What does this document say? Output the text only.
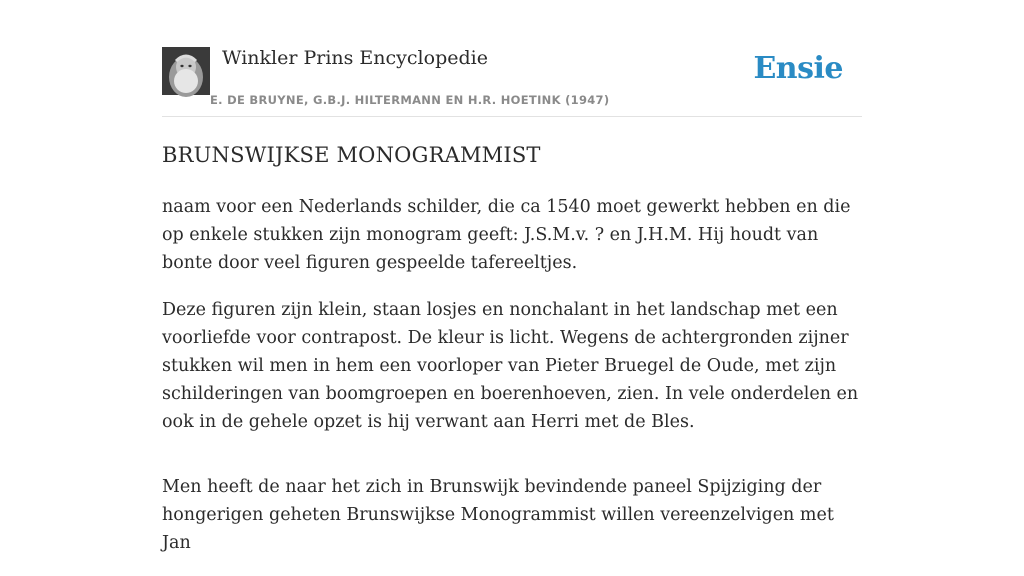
Winkler Prins Encyclopedie
E. DE BRUYNE, G.B.J. HILTERMANN EN H.R. HOETINK (1947)
Ensie
BRUNSWIJKSE MONOGRAMMIST

naam voor een Nederlands schilder, die ca 1540 moet gewerkt hebben en die op enkele stukken zijn monogram geeft: J.S.M.v. ? en J.H.M. Hij houdt van bonte door veel figuren gespeelde tafereeltjes.

Deze figuren zijn klein, staan losjes en nonchalant in het landschap met een voorliefde voor contrapost. De kleur is licht. Wegens de achtergronden zijner stukken wil men in hem een voorloper van Pieter Bruegel de Oude, met zijn schilderingen van boomgroepen en boerenhoeven, zien. In vele onderdelen en ook in de gehele opzet is hij verwant aan Herri met de Bles.

Men heeft de naar het zich in Brunswijk bevindende paneel Spijziging der hongerigen geheten Brunswijkse Monogrammist willen vereenzelvigen met Jan
